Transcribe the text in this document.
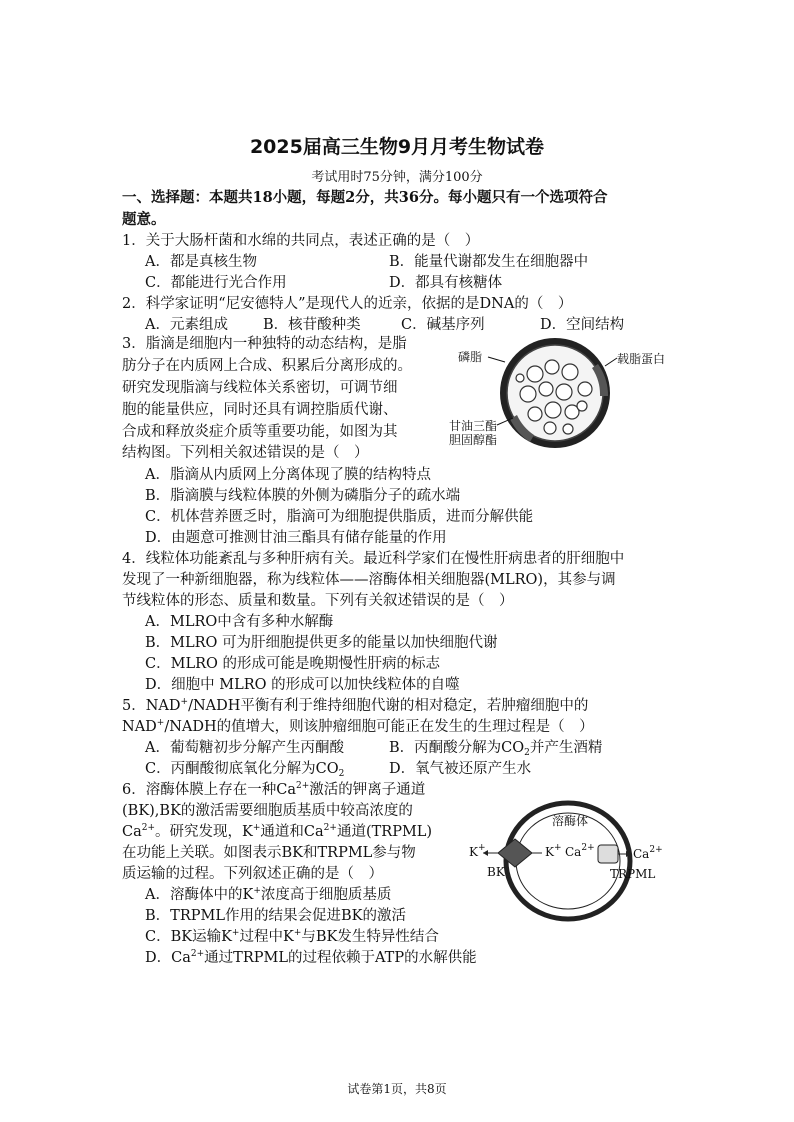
2025届高三生物9月月考生物试卷
考试用时75分钟，满分100分
一、选择题：本题共18小题，每题2分，共36分。每小题只有一个选项符合
题意。
1．关于大肠杆菌和水绵的共同点，表述正确的是（　）
A．都是真核生物	B．能量代谢都发生在细胞器中
C．都能进行光合作用	D．都具有核糖体
2．科学家证明“尼安德特人”是现代人的近亲，依据的是DNA的（　）
A．元素组成 B．核苷酸种类	C．碱基序列	D．空间结构
3．脂滴是细胞内一种独特的动态结构，是脂
肪分子在内质网上合成、积累后分离形成的。
研究发现脂滴与线粒体关系密切，可调节细
胞的能量供应，同时还具有调控脂质代谢、
合成和释放炎症介质等重要功能，如图为其
结构图。下列相关叙述错误的是（　）
磷脂	载脂蛋白
甘油三酯
胆固醇酯
A．脂滴从内质网上分离体现了膜的结构特点
B．脂滴膜与线粒体膜的外侧为磷脂分子的疏水端
C．机体营养匮乏时，脂滴可为细胞提供脂质，进而分解供能
D．由题意可推测甘油三酯具有储存能量的作用
4．线粒体功能紊乱与多种肝病有关。最近科学家们在慢性肝病患者的肝细胞中
发现了一种新细胞器，称为线粒体——溶酶体相关细胞器(MLRO)，其参与调
节线粒体的形态、质量和数量。下列有关叙述错误的是（　）
A．MLRO中含有多种水解酶
B．MLRO 可为肝细胞提供更多的能量以加快细胞代谢
C．MLRO 的形成可能是晚期慢性肝病的标志
D．细胞中 MLRO 的形成可以加快线粒体的自噬
5．NAD+/NADH平衡有利于维持细胞代谢的相对稳定，若肿瘤细胞中的
NAD+/NADH的值增大，则该肿瘤细胞可能正在发生的生理过程是（　）
A．葡萄糖初步分解产生丙酮酸	B．丙酮酸分解为$CO_2$并产生酒精
C．丙酮酸彻底氧化分解为$CO_2$	D．氧气被还原产生水
6．溶酶体膜上存在一种$Ca^{2+}$激活的钾离子通道
(BK),BK的激活需要细胞质基质中较高浓度的
$Ca^{2+}$。研究发现，K+通道和$Ca^{2+}$通道(TRPML)
在功能上关联。如图表示BK和TRPML参与物
质运输的过程。下列叙述正确的是（　）
A．溶酶体中的K+浓度高于细胞质基质
B．TRPML作用的结果会促进BK的激活
C．BK运输K+过程中K+与BK发生特异性结合
D．$Ca^{2+}$通过TRPML的过程依赖于ATP的水解供能
溶酶体
K+	K+ $Ca^{2+}$	$Ca^{2+}$
BK	TRPML
试卷第1页，共8页
